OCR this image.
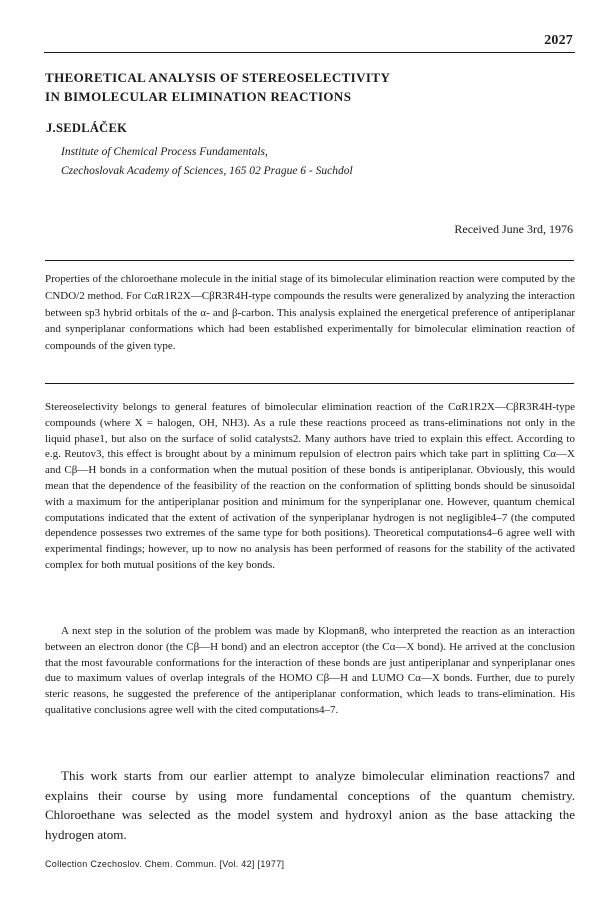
2027
THEORETICAL ANALYSIS OF STEREOSELECTIVITY
IN BIMOLECULAR ELIMINATION REACTIONS
J.SEDLÁČEK
Institute of Chemical Process Fundamentals,
Czechoslovak Academy of Sciences, 165 02 Prague 6 - Suchdol
Received June 3rd, 1976
Properties of the chloroethane molecule in the initial stage of its bimolecular elimination reaction were computed by the CNDO/2 method. For CαR1R2X—CβR3R4H-type compounds the results were generalized by analyzing the interaction between sp3 hybrid orbitals of the α- and β-carbon. This analysis explained the energetical preference of antiperiplanar and synperiplanar conformations which had been established experimentally for bimolecular elimination reaction of compounds of the given type.

Stereoselectivity belongs to general features of bimolecular elimination reaction of the CαR1R2X—CβR3R4H-type compounds (where X = halogen, OH, NH3). As a rule these reactions proceed as trans-eliminations not only in the liquid phase1, but also on the surface of solid catalysts2. Many authors have tried to explain this effect. According to e.g. Reutov3, this effect is brought about by a minimum repulsion of electron pairs which take part in splitting Cα—X and Cβ—H bonds in a conformation when the mutual position of these bonds is antiperiplanar. Obviously, this would mean that the dependence of the feasibility of the reaction on the conformation of splitting bonds should be sinusoidal with a maximum for the antiperiplanar position and minimum for the synperiplanar one. However, quantum chemical computations indicated that the extent of activation of the synperiplanar hydrogen is not negligible4–7 (the computed dependence possesses two extremes of the same type for both positions). Theoretical computations4–6 agree well with experimental findings; however, up to now no analysis has been performed of reasons for the stability of the activated complex for both mutual positions of the key bonds.

A next step in the solution of the problem was made by Klopman8, who interpreted the reaction as an interaction between an electron donor (the Cβ—H bond) and an electron acceptor (the Cα—X bond). He arrived at the conclusion that the most favourable conformations for the interaction of these bonds are just antiperiplanar and synperiplanar ones due to maximum values of overlap integrals of the HOMO Cβ—H and LUMO Cα—X bonds. Further, due to purely steric reasons, he suggested the preference of the antiperiplanar conformation, which leads to trans-elimination. His qualitative conclusions agree well with the cited computations4–7.

This work starts from our earlier attempt to analyze bimolecular elimination reactions7 and explains their course by using more fundamental conceptions of the quantum chemistry. Chloroethane was selected as the model system and hydroxyl anion as the base attacking the hydrogen atom.
Collection Czechoslov. Chem. Commun. [Vol. 42] [1977]
